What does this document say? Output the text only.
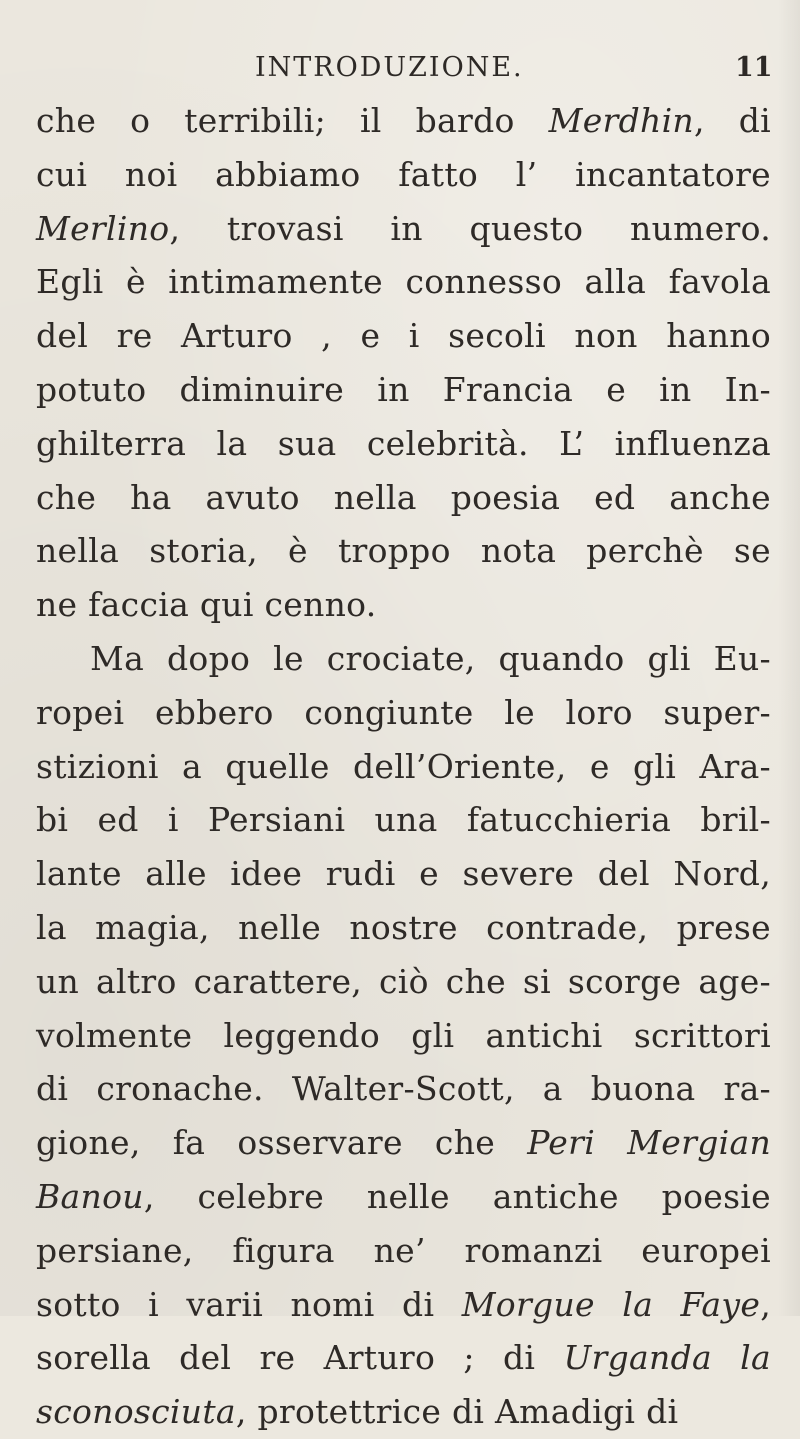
INTRODUZIONE.	11
che o terribili; il bardo Merdhin, di
cui noi abbiamo fatto l’ incantatore
Merlino, trovasi in questo numero.
Egli è intimamente connesso alla favola
del re Arturo , e i secoli non hanno
potuto diminuire in Francia e in In-
ghilterra la sua celebrità. L’ influenza
che ha avuto nella poesia ed anche
nella storia, è troppo nota perchè se
ne faccia qui cenno.
Ma dopo le crociate, quando gli Eu-
ropei ebbero congiunte le loro super-
stizioni a quelle dell’Oriente, e gli Ara-
bi ed i Persiani una fatucchieria bril-
lante alle idee rudi e severe del Nord,
la magia, nelle nostre contrade, prese
un altro carattere, ciò che si scorge age-
volmente leggendo gli antichi scrittori
di cronache. Walter-Scott, a buona ra-
gione, fa osservare che Peri Mergian
Banou, celebre nelle antiche poesie
persiane, figura ne’ romanzi europei
sotto i varii nomi di Morgue la Faye,
sorella del re Arturo ; di Urganda la
sconosciuta, protettrice di Amadigi di
